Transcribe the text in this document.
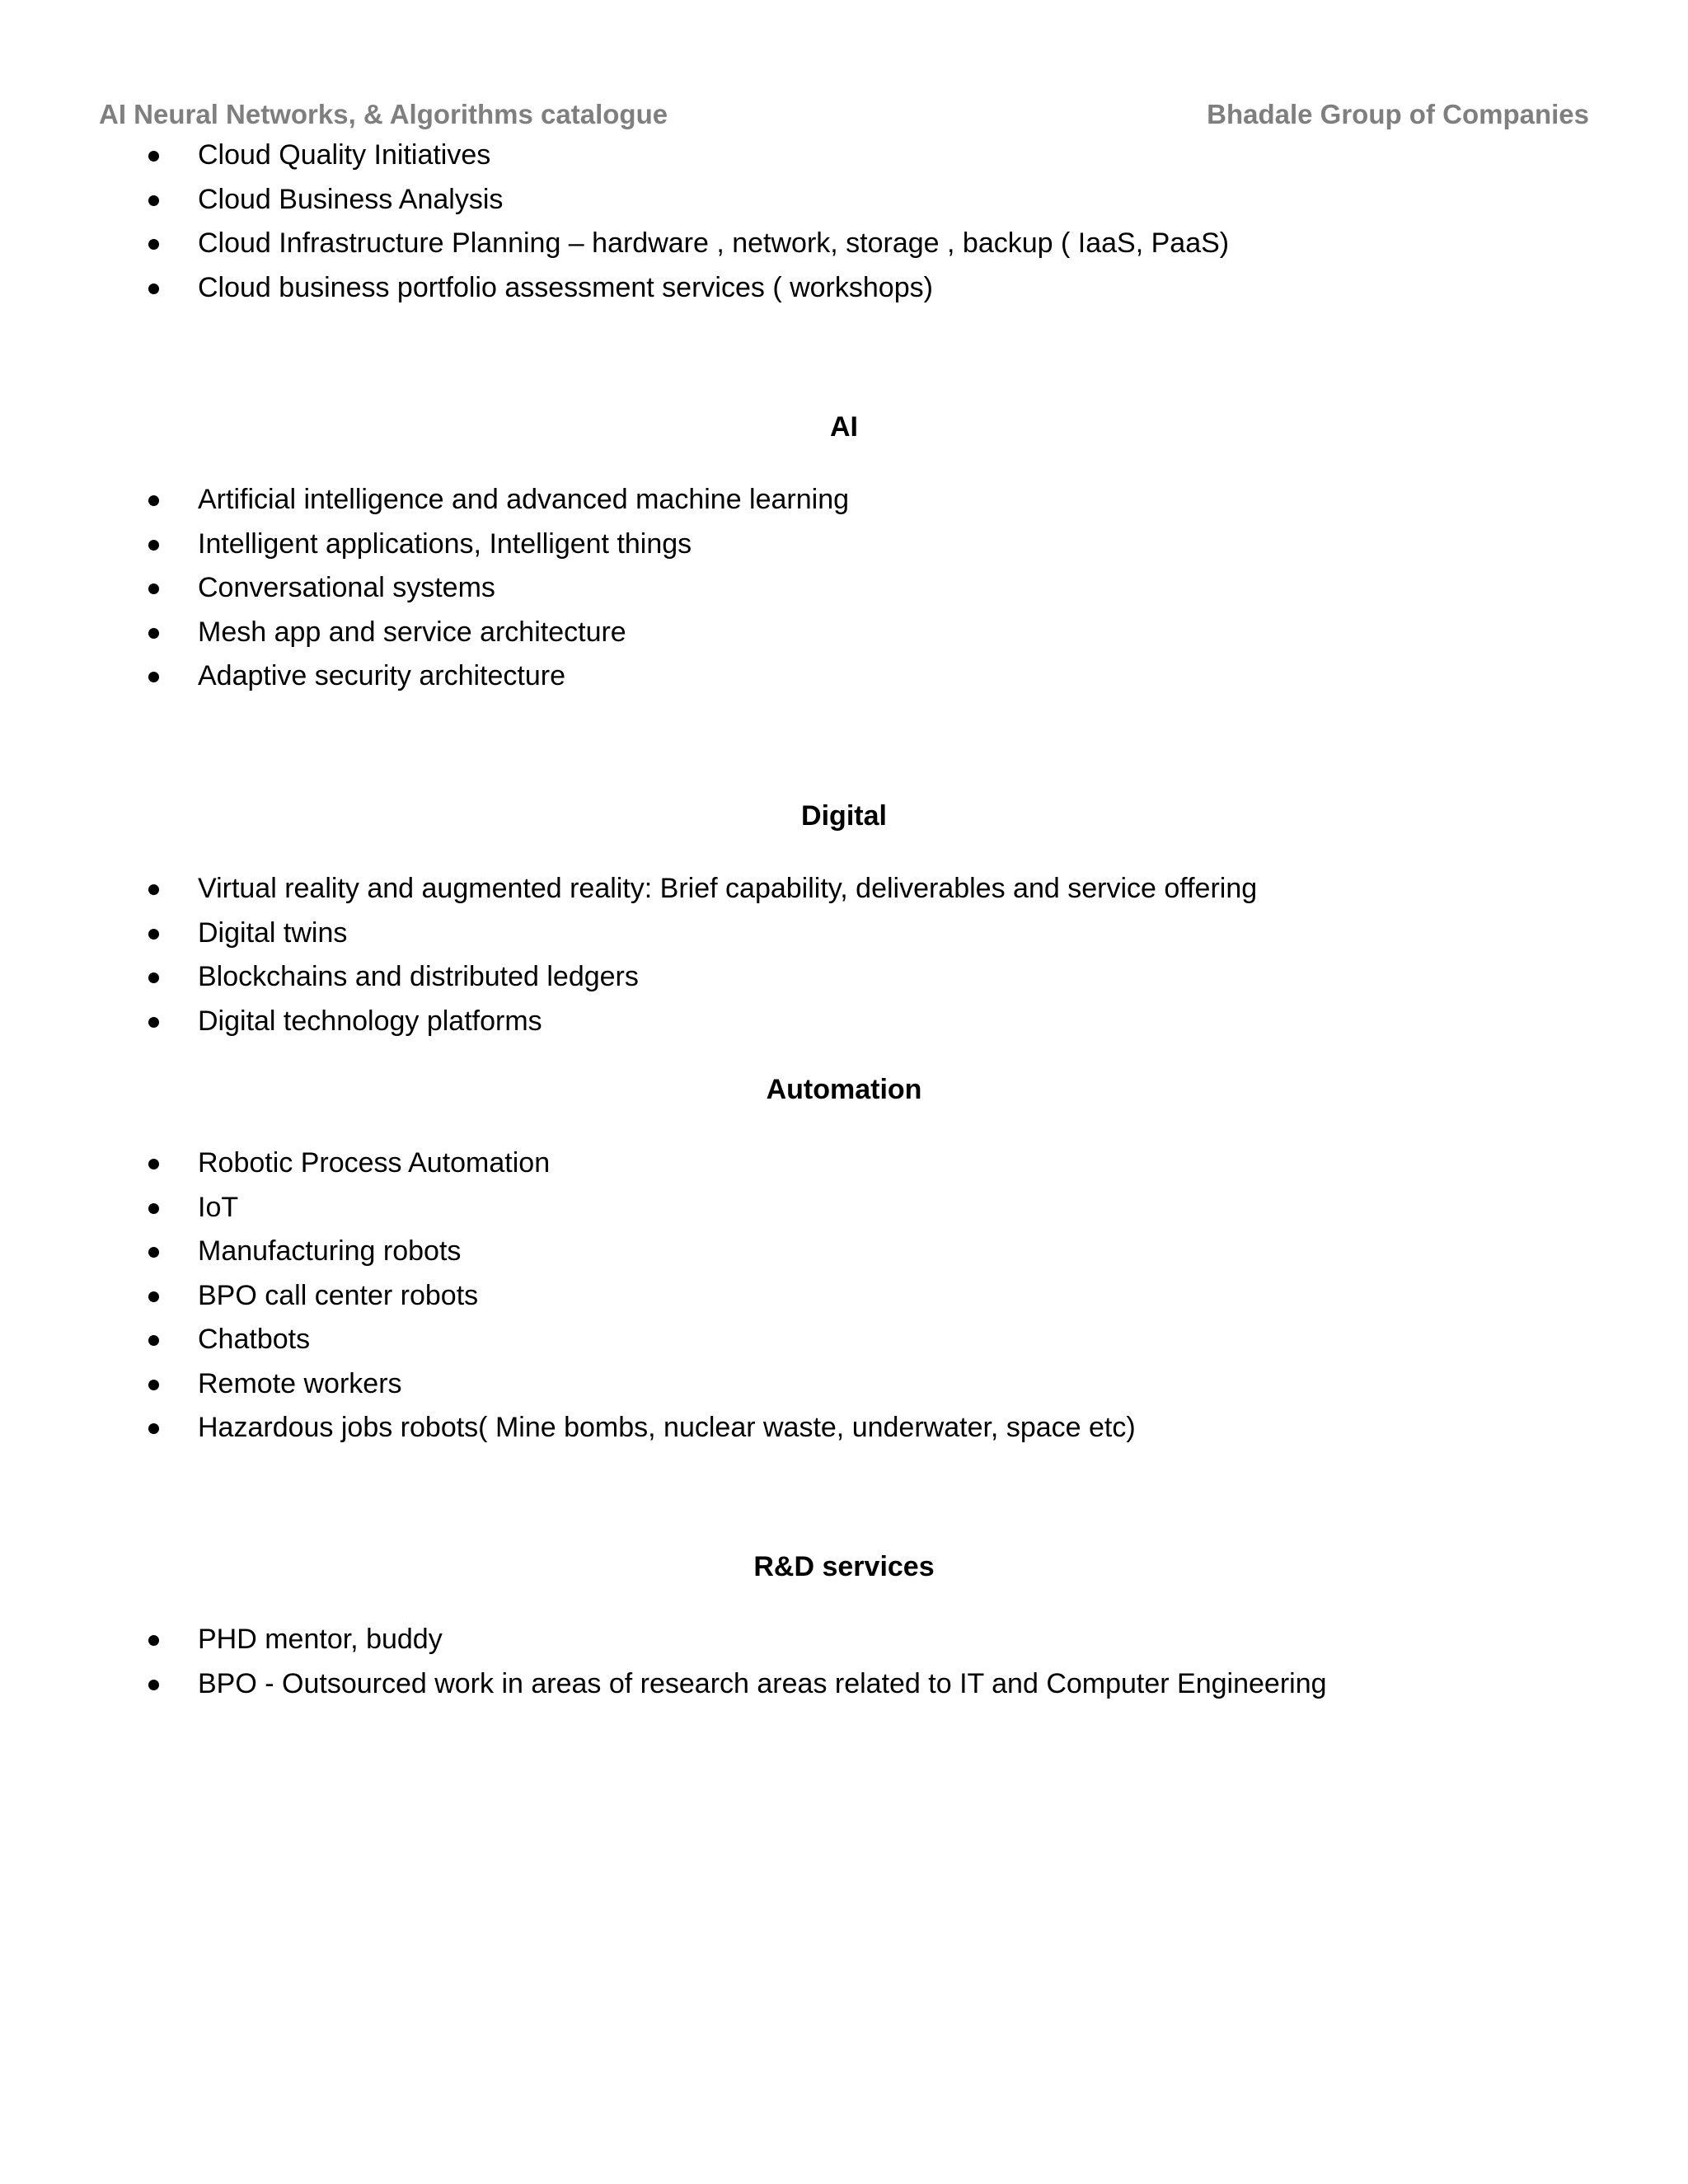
AI Neural Networks, & Algorithms catalogue	Bhadale Group of Companies
Cloud Quality Initiatives
Cloud Business Analysis
Cloud Infrastructure Planning – hardware , network, storage , backup ( IaaS, PaaS)
Cloud business portfolio assessment services ( workshops)
AI
Artificial intelligence and advanced machine learning
Intelligent applications, Intelligent things
Conversational systems
Mesh app and service architecture
Adaptive security architecture
Digital
Virtual reality and augmented reality: Brief capability, deliverables and service offering
Digital twins
Blockchains and distributed ledgers
Digital technology platforms
Automation
Robotic Process Automation
IoT
Manufacturing robots
BPO call center robots
Chatbots
Remote workers
Hazardous jobs robots( Mine bombs, nuclear waste, underwater, space etc)
R&D services
PHD mentor, buddy
BPO - Outsourced work in areas of research areas related to IT and Computer Engineering
